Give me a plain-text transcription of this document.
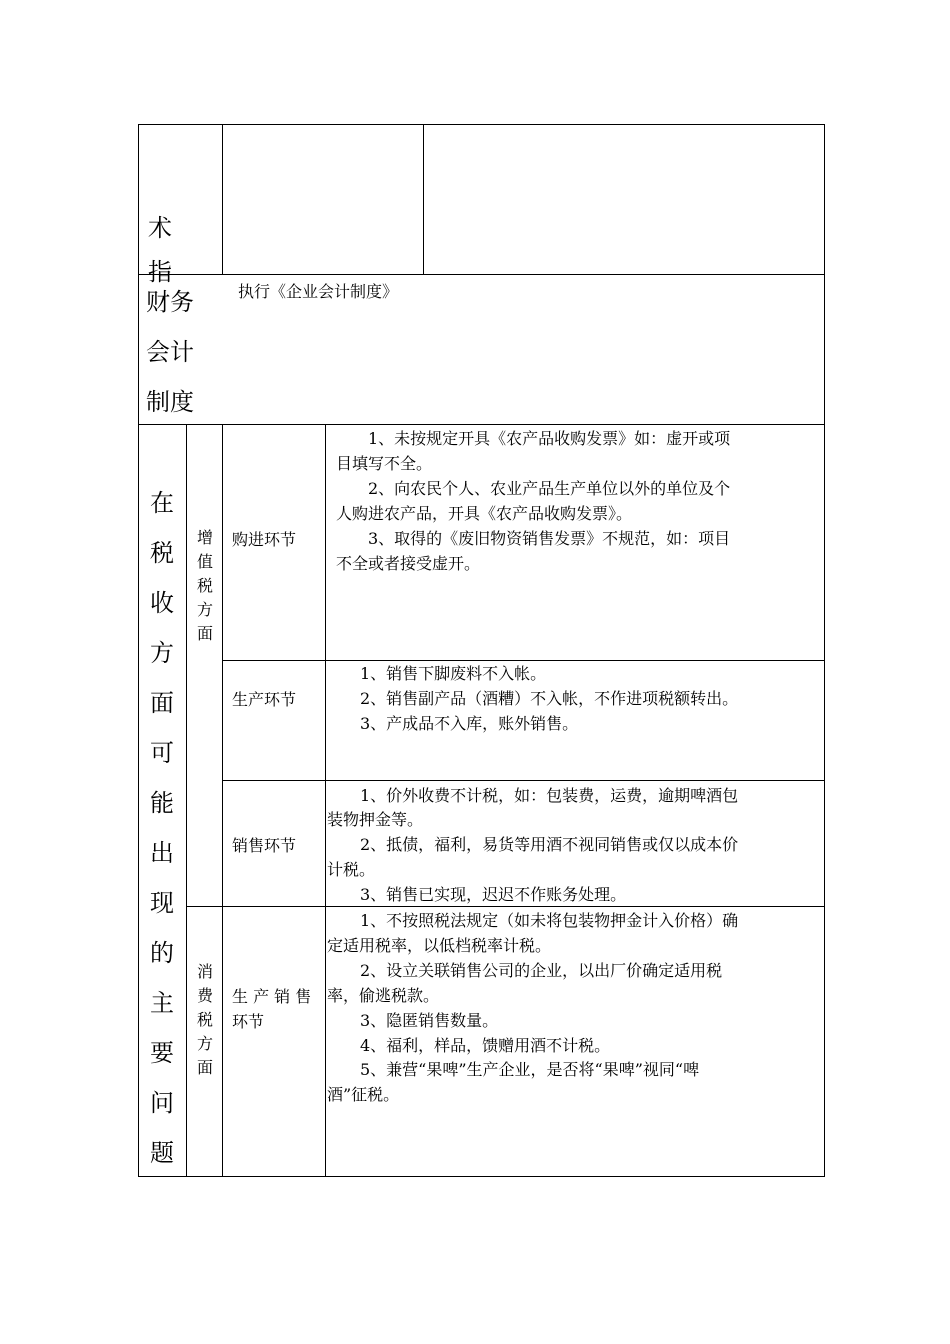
术
指
财务
会计
制度
执行《企业会计制度》
在
税
收
方
面
可
能
出
现
的
主
要
问
题
增
值
税
方
面
购进环节
1、未按规定开具《农产品收购发票》如：虚开或项
目填写不全。
2、向农民个人、农业产品生产单位以外的单位及个
人购进农产品，开具《农产品收购发票》。
3、取得的《废旧物资销售发票》不规范，如：项目
不全或者接受虚开。
生产环节
1、销售下脚废料不入帐。
2、销售副产品（酒糟）不入帐，不作进项税额转出。
3、产成品不入库，账外销售。
销售环节
1、价外收费不计税，如：包装费，运费，逾期啤酒包
装物押金等。
2、抵债，福利，易货等用酒不视同销售或仅以成本价
计税。
3、销售已实现，迟迟不作账务处理。
消
费
税
方
面
生 产 销 售
环节
1、不按照税法规定（如未将包装物押金计入价格）确
定适用税率，以低档税率计税。
2、设立关联销售公司的企业，以出厂价确定适用税
率，偷逃税款。
3、隐匿销售数量。
4、福利，样品，馈赠用酒不计税。
5、兼营“果啤”生产企业，是否将“果啤”视同“啤
酒”征税。
